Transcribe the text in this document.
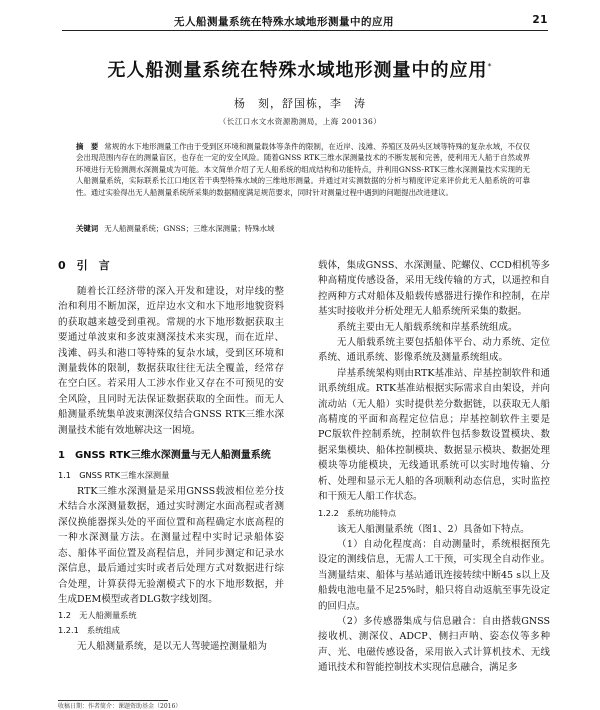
无人船测量系统在特殊水域地形测量中的应用	21
无人船测量系统在特殊水域地形测量中的应用*
杨　刻，舒国栋，李　涛
（长江口水文水资源勘测局，上海 200136）
摘　要 常规的水下地形测量工作由于受到区环境和测量载体等条件的限制，在近岸、浅滩、养殖区及码头区域等特殊的复杂水域，不仅仅会出现范围内存在的测量盲区，也存在一定的安全风险。随着GNSS RTK三维水深测量技术的不断发展和完善，使利用无人船于自然或界环境进行无验测测水深测量成为可能。本文简单介绍了无人船系统的组成结构和功能特点，并利用GNSS-RTK三维水深测量技术实现的无人船测量系统，实际联系长江口地区若干典型特殊水域的三维地形测量。并通过对实测数据的分析与精度评定来评价此无人船系统的可靠性。通过实验得出无人船测量系统所采集的数据精度满足规范要求，同时针对测量过程中遇到的问题提出改进建议。
关键词 无人船测量系统；GNSS；三维水深测量；特殊水域
0　引　言

随着长江经济带的深入开发和建设，对岸线的整治和利用不断加深，近岸边水文和水下地形地貌资料的获取越来越受到重视。常规的水下地形数据获取主要通过单波束和多波束测深技术来实现，而在近岸、浅滩、码头和港口等特殊的复杂水域，受到区环境和测量载体的限制，数据获取往往无法全覆盖，经常存在空白区。若采用人工涉水作业又存在不可预见的安全风险，且同时无法保证数据获取的全面性。而无人船测量系统集单波束测深仪结合GNSS RTK三维水深测量技术能有效地解决这一困境。

1　GNSS RTK三维水深测量与无人船测量系统
1.1　GNSS RTK三维水深测量

RTK三维水深测量是采用GNSS载波相位差分技术结合水深测量数据，通过实时测定水面高程或者测深仪换能器探头处的平面位置和高程确定水底高程的一种水深测量方法。在测量过程中实时记录船体姿态、船体平面位置及高程信息，并同步测定和记录水深信息，最后通过实时或者后处理方式对数据进行综合处理，计算获得无验潮模式下的水下地形数据，并生成DEM模型或者DLG数字线划图。

1.2　无人船测量系统
1.2.1　系统组成

无人船测量系统，是以无人驾驶遥控测量船为

载体，集成GNSS、水深测量、陀螺仪、CCD相机等多种高精度传感设备，采用无线传输的方式，以遥控和自控两种方式对船体及船载传感器进行操作和控制，在岸基实时接收并分析处理无人船系统所采集的数据。

系统主要由无人船载系统和岸基系统组成。

无人船载系统主要包括船体平台、动力系统、定位系统、通讯系统、影像系统及测量系统组成。

岸基系统架构则由RTK基准站、岸基控制软件和通讯系统组成。RTK基准站根据实际需求自由架设，并向流动站（无人船）实时提供差分数据链，以获取无人船高精度的平面和高程定位信息；岸基控制软件主要是PC版软件控制系统，控制软件包括参数设置模块、数据采集模块、船体控制模块、数据显示模块、数据处理模块等功能模块，无线通讯系统可以实时地传输、分析、处理和显示无人船的各项顺利动态信息，实时监控和干预无人船工作状态。

1.2.2　系统功能特点

该无人船测量系统（图1、2）具备如下特点。

（1）自动化程度高：自动测量时，系统根据预先设定的测线信息，无需人工干预，可实现全自动作业。当测量结束、船体与基站通讯连接转续中断45 s以上及船载电池电量不足25%时，船只将自动返航至事先设定的回归点。

（2）多传感器集成与信息融合：自由搭载GNSS接收机、测深仪、ADCP、侧扫声呐、姿态仪等多种声、光、电磁传感设备，采用嵌入式计算机技术、无线通讯技术和智能控制技术实现信息融合，满足多

收稿日期：作者简介：课题资助基金（2016）
